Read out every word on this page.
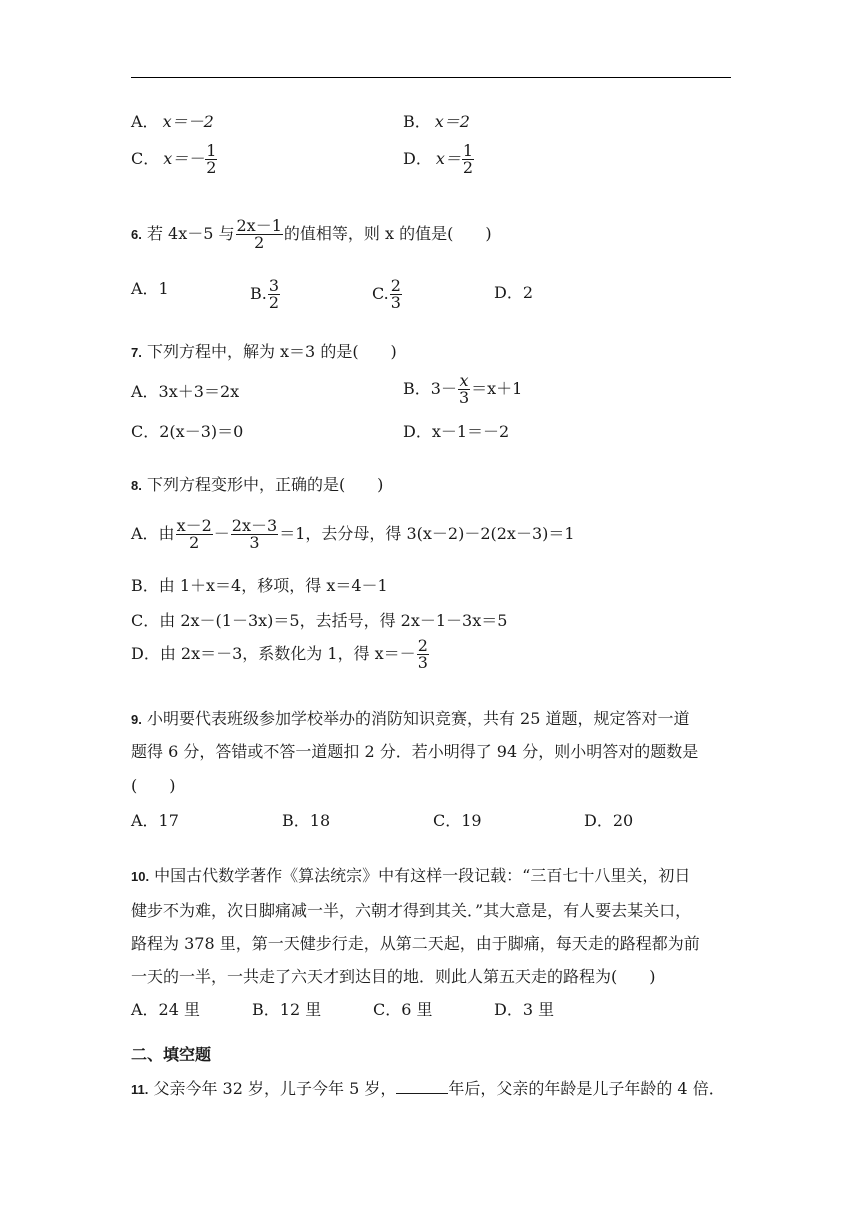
A． x＝－2	B． x＝2
C． $x=- \frac{1}{2}$	D． $x= \frac{1}{2}$
6. 若 4x－5 与 $\frac{2x-1}{2}$ 的值相等，则 x 的值是(　　)
A．1	B. $\frac{3}{2}$	C. $\frac{2}{3}$	D．2
7. 下列方程中，解为 x＝3 的是(　　)
A．3x＋3＝2x	B．$3- \frac{x}{3} =x+1$
C．2(x－3)＝0	D．x－1＝－2
8. 下列方程变形中，正确的是(　　)
A．由 $\frac{x-2}{2} - \frac{2x-3}{3} =1$，去分母，得 3(x－2)－2(2x－3)＝1
B．由 1＋x＝4，移项，得 x＝4－1
C．由 2x－(1－3x)＝5，去括号，得 2x－1－3x＝5
D．由 2x＝－3，系数化为 1，得 $x=- \frac{2}{3}$
9. 小明要代表班级参加学校举办的消防知识竞赛，共有 25 道题，规定答对一道
题得 6 分，答错或不答一道题扣 2 分．若小明得了 94 分，则小明答对的题数是
(　　)
A．17	B．18	C．19	D．20
10. 中国古代数学著作《算法统宗》中有这样一段记载：“三百七十八里关，初日
健步不为难，次日脚痛减一半，六朝才得到其关．”其大意是，有人要去某关口，
路程为 378 里，第一天健步行走，从第二天起，由于脚痛，每天走的路程都为前
一天的一半，一共走了六天才到达目的地．则此人第五天走的路程为(　　)
A．24 里	B．12 里	C．6 里	D．3 里
二、填空题
11. 父亲今年 32 岁，儿子今年 5 岁，	年后，父亲的年龄是儿子年龄的 4 倍．
